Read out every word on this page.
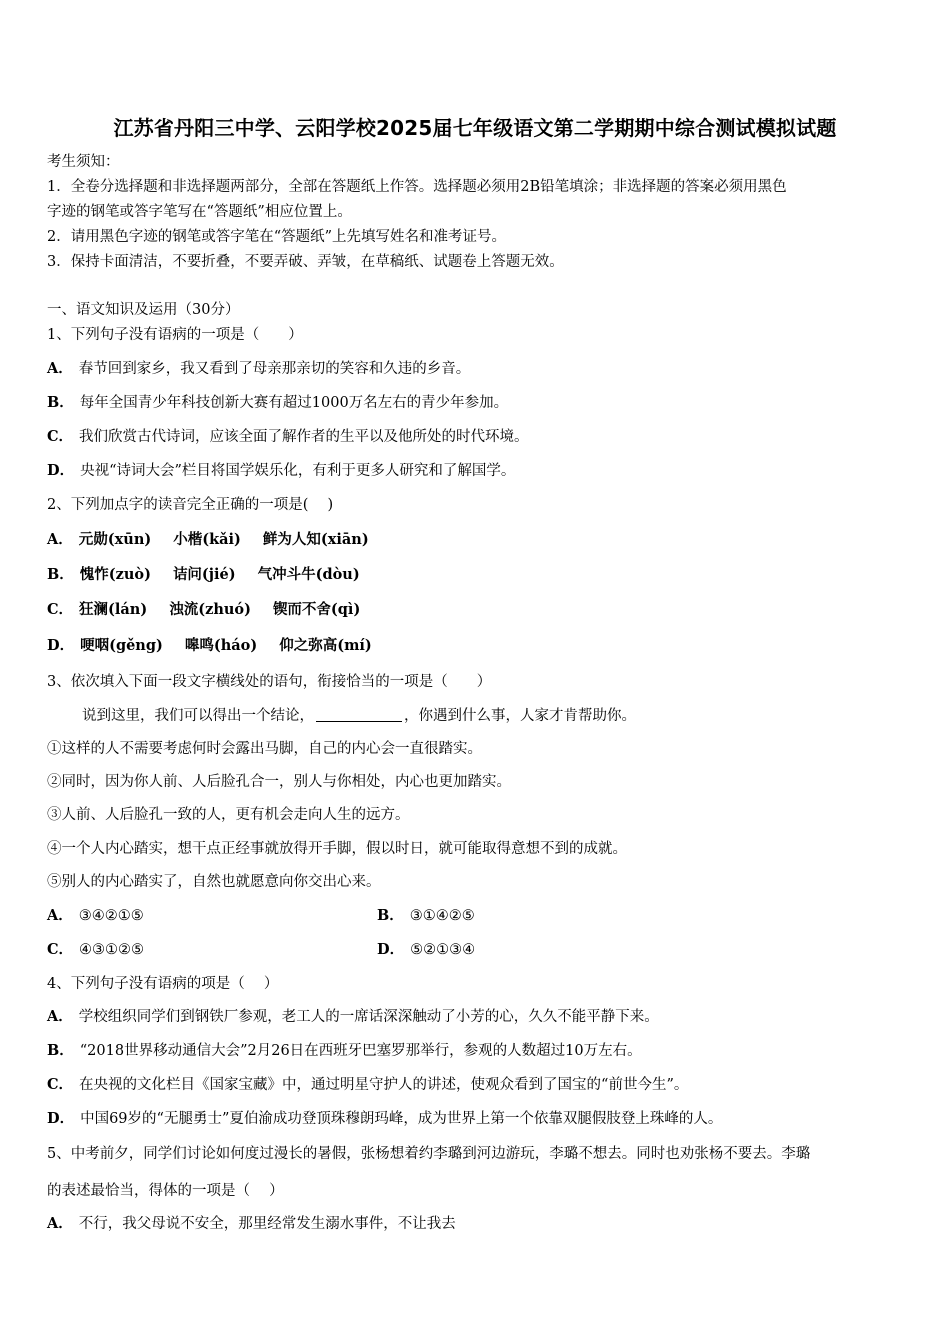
江苏省丹阳三中学、云阳学校2025届七年级语文第二学期期中综合测试模拟试题
考生须知：
1．全卷分选择题和非选择题两部分，全部在答题纸上作答。选择题必须用2B铅笔填涂；非选择题的答案必须用黑色
字迹的钢笔或答字笔写在“答题纸”相应位置上。
2．请用黑色字迹的钢笔或答字笔在“答题纸”上先填写姓名和准考证号。
3．保持卡面清洁，不要折叠，不要弄破、弄皱，在草稿纸、试题卷上答题无效。
一、语文知识及运用（30分）
1、下列句子没有语病的一项是（　　）
A． 春节回到家乡，我又看到了母亲那亲切的笑容和久违的乡音。
B． 每年全国青少年科技创新大赛有超过1000万名左右的青少年参加。
C． 我们欣赏古代诗词，应该全面了解作者的生平以及他所处的时代环境。
D． 央视“诗词大会”栏目将国学娱乐化，有利于更多人研究和了解国学。
2、下列加点字的读音完全正确的一项是(　 )
A． 元勋(xūn) 小楷(kǎi) 鲜为人知(xiān)
B． 愧怍(zuò) 诘问(jié) 气冲斗牛(dòu)
C． 狂澜(lán) 浊流(zhuó) 锲而不舍(qì)
D． 哽咽(gěng) 嗥鸣(háo) 仰之弥高(mí)
3、依次填入下面一段文字横线处的语句，衔接恰当的一项是（　　）
说到这里，我们可以得出一个结论，	，你遇到什么事，人家才肯帮助你。
①这样的人不需要考虑何时会露出马脚，自己的内心会一直很踏实。
②同时，因为你人前、人后脸孔合一，别人与你相处，内心也更加踏实。
③人前、人后脸孔一致的人，更有机会走向人生的远方。
④一个人内心踏实，想干点正经事就放得开手脚，假以时日，就可能取得意想不到的成就。
⑤别人的内心踏实了，自然也就愿意向你交出心来。
A． ③④②①⑤	B． ③①④②⑤
C． ④③①②⑤	D． ⑤②①③④
4、下列句子没有语病的项是（　 ）
A． 学校组织同学们到钢铁厂参观，老工人的一席话深深触动了小芳的心，久久不能平静下来。
B． “2018世界移动通信大会”2月26日在西班牙巴塞罗那举行，参观的人数超过10万左右。
C． 在央视的文化栏目《国家宝藏》中，通过明星守护人的讲述，使观众看到了国宝的“前世今生”。
D． 中国69岁的“无腿勇士”夏伯渝成功登顶珠穆朗玛峰，成为世界上第一个依靠双腿假肢登上珠峰的人。
5、中考前夕，同学们讨论如何度过漫长的暑假，张杨想着约李璐到河边游玩，李璐不想去。同时也劝张杨不要去。李璐
的表述最恰当，得体的一项是（　 ）
A． 不行，我父母说不安全，那里经常发生溺水事件，不让我去
